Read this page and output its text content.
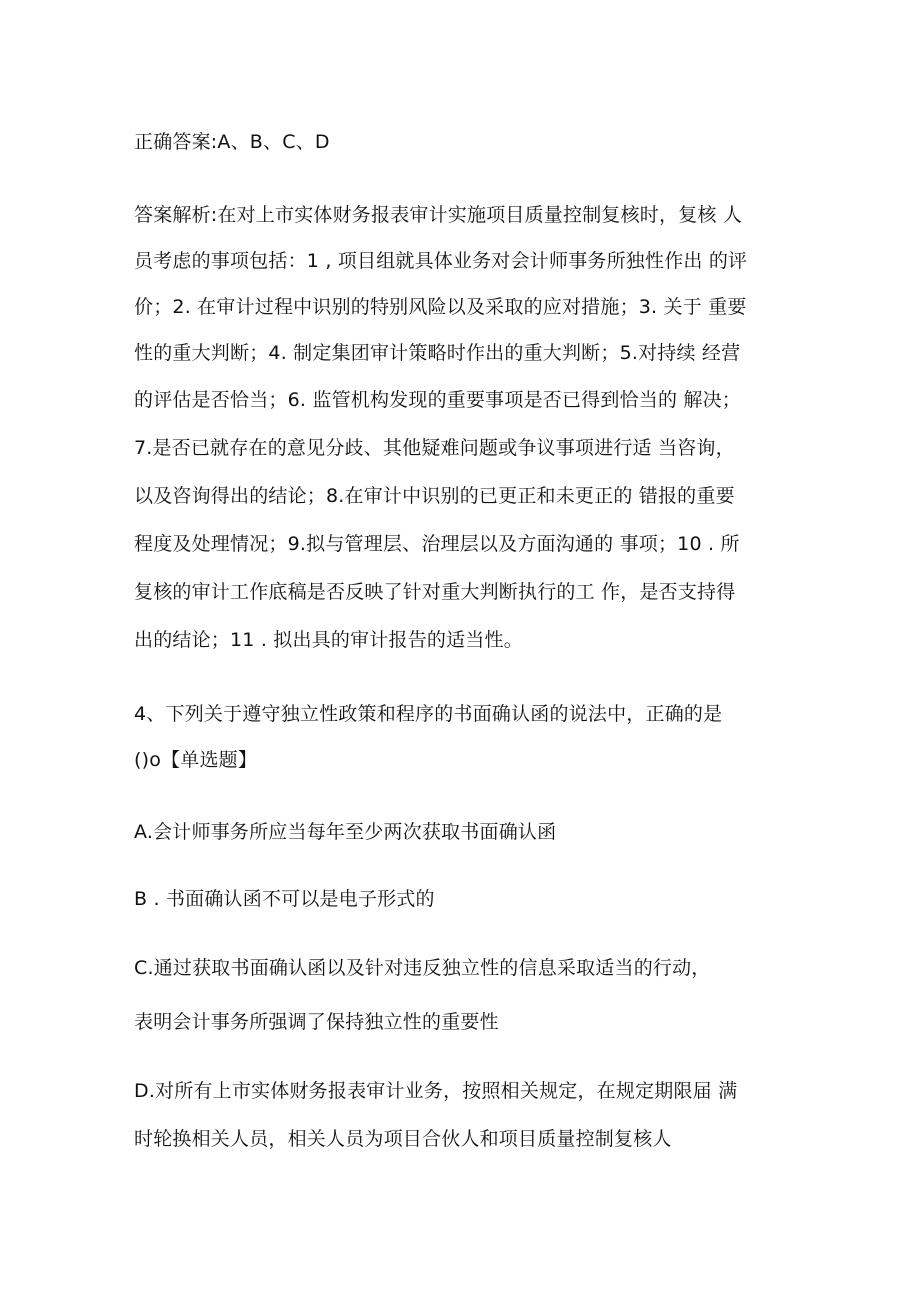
正确答案:A、B、C、D
答案解析:在对上市实体财务报表审计实施项目质量控制复核时，复核 人
员考虑的事项包括：1 , 项目组就具体业务对会计师事务所独性作出 的评
价；2. 在审计过程中识别的特别风险以及采取的应对措施；3. 关于 重要
性的重大判断；4. 制定集团审计策略时作出的重大判断；5.对持续 经营
的评估是否恰当；6. 监管机构发现的重要事项是否已得到恰当的 解决；
7.是否已就存在的意见分歧、其他疑难问题或争议事项进行适 当咨询，
以及咨询得出的结论；8.在审计中识别的已更正和未更正的 错报的重要
程度及处理情况；9.拟与管理层、治理层以及方面沟通的 事项；10 . 所
复核的审计工作底稿是否反映了针对重大判断执行的工 作，是否支持得
出的结论；11 . 拟出具的审计报告的适当性。
4、下列关于遵守独立性政策和程序的书面确认函的说法中，正确的是
()o【单选题】
A.会计师事务所应当每年至少两次获取书面确认函
B . 书面确认函不可以是电子形式的
C.通过获取书面确认函以及针对违反独立性的信息采取适当的行动，
表明会计事务所强调了保持独立性的重要性
D.对所有上市实体财务报表审计业务，按照相关规定，在规定期限届 满
时轮换相关人员，相关人员为项目合伙人和项目质量控制复核人
